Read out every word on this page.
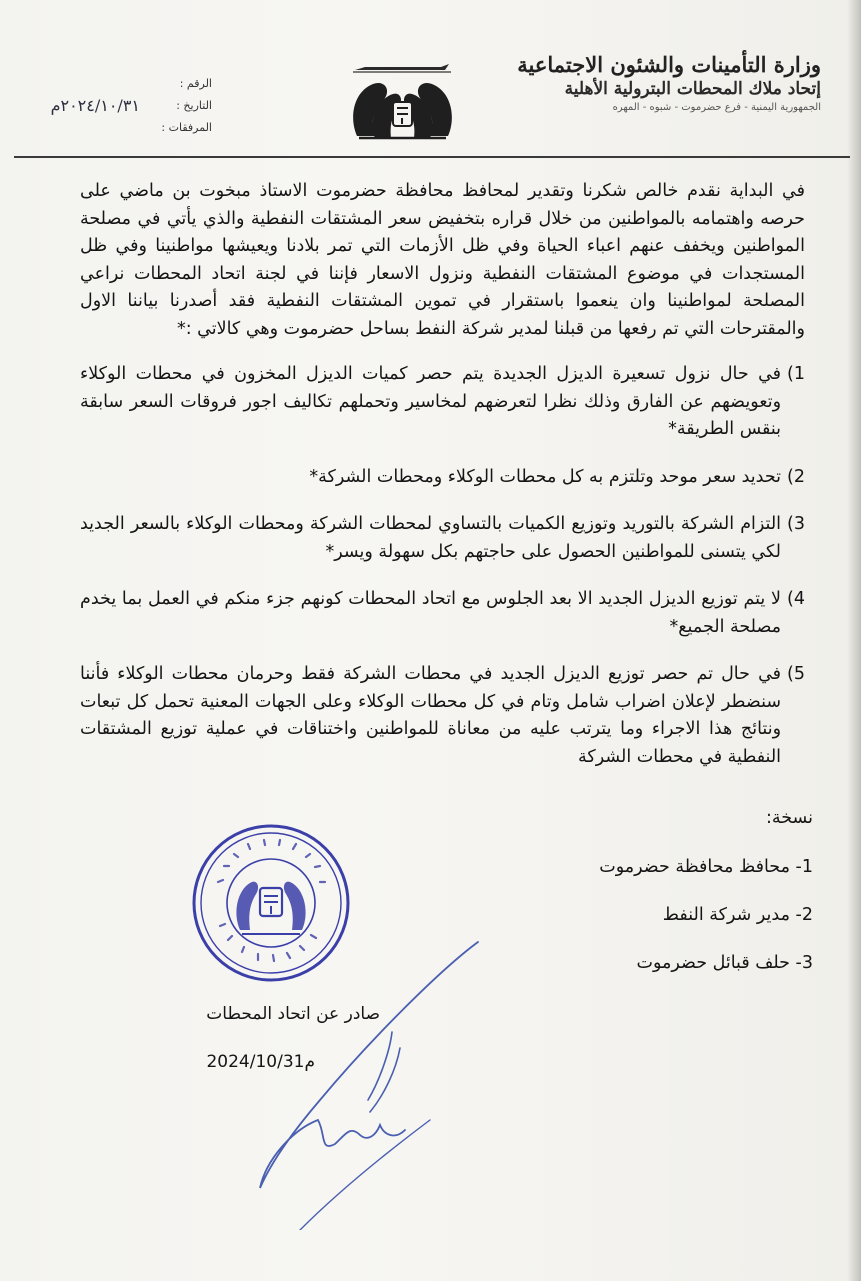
وزارة التأمينات والشئون الاجتماعية
إتحاد ملاك المحطات البترولية الأهلية
الجمهورية اليمنية - فرع حضرموت - شبوه - المهره
الرقم :
التاريخ :
٢٠٢٤/١٠/٣١م
المرفقات :

في البداية نقدم خالص شكرنا وتقدير لمحافظ محافظة حضرموت الاستاذ مبخوت بن ماضي على حرصه واهتمامه بالمواطنين من خلال قراره بتخفيض سعر المشتقات النفطية والذي يأتي في مصلحة المواطنين ويخفف عنهم اعباء الحياة وفي ظل الأزمات التي تمر بلادنا ويعيشها مواطنينا وفي ظل المستجدات في موضوع المشتقات النفطية ونزول الاسعار فإننا في لجنة اتحاد المحطات نراعي المصلحة لمواطنينا وان ينعموا باستقرار في تموين المشتقات النفطية فقد أصدرنا بياننا الاول والمقترحات التي تم رفعها من قبلنا لمدير شركة النفط بساحل حضرموت وهي كالاتي :*

1)
في حال نزول تسعيرة الديزل الجديدة يتم حصر كميات الديزل المخزون في محطات الوكلاء وتعويضهم عن الفارق وذلك نظرا لتعرضهم لمخاسير وتحملهم تكاليف اجور فروقات السعر سابقة بنقس الطريقة*
2)
تحديد سعر موحد وتلتزم به كل محطات الوكلاء ومحطات الشركة*
3)
التزام الشركة بالتوريد وتوزيع الكميات بالتساوي لمحطات الشركة ومحطات الوكلاء بالسعر الجديد لكي يتسنى للمواطنين الحصول على حاجتهم بكل سهولة ويسر*
4)
لا يتم توزيع الديزل الجديد الا بعد الجلوس مع اتحاد المحطات كونهم جزء منكم في العمل بما يخدم مصلحة الجميع*
5)
في حال تم حصر توزيع الديزل الجديد في محطات الشركة فقط وحرمان محطات الوكلاء فأننا سنضطر لإعلان اضراب شامل وتام في كل محطات الوكلاء وعلى الجهات المعنية تحمل كل تبعات ونتائج هذا الاجراء وما يترتب عليه من معاناة للمواطنين واختناقات في عملية توزيع المشتقات النفطية في محطات الشركة
نسخة:
1- محافظ محافظة حضرموت
2- مدير شركة النفط
3- حلف قبائل حضرموت
صادر عن اتحاد المحطات
2024/10/31م
